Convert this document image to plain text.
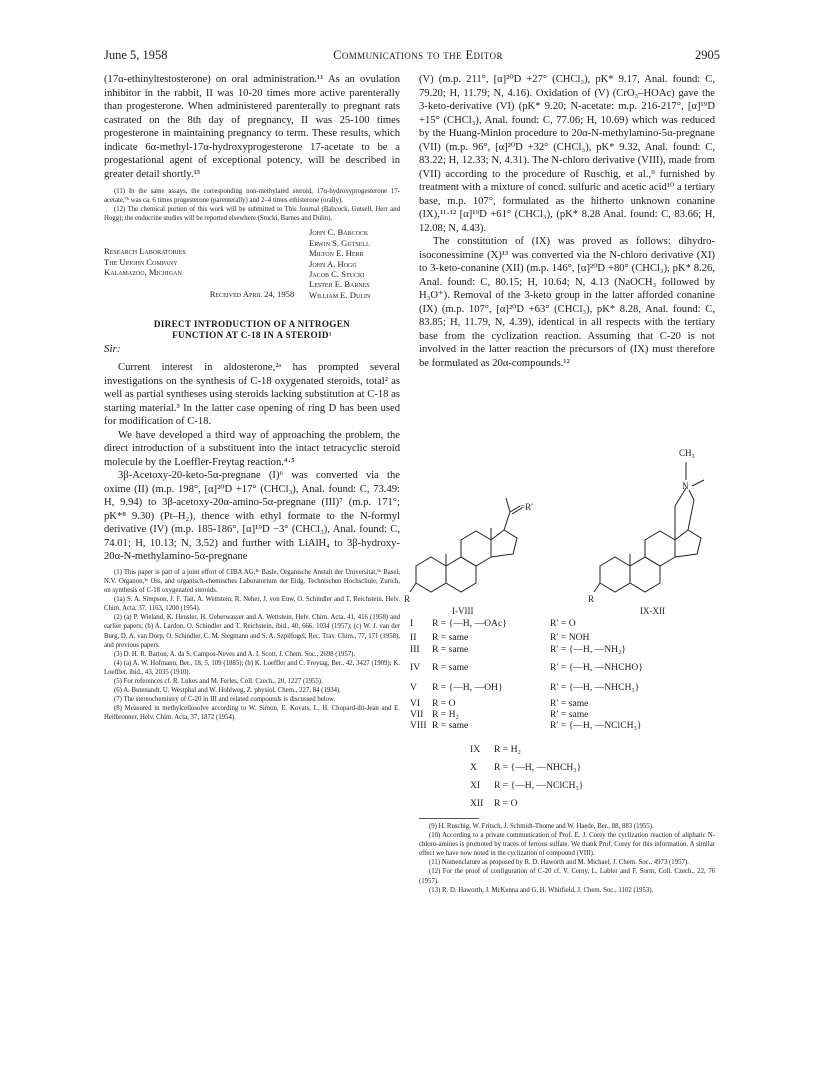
June 5, 1958	Communications to the Editor	2905

(17α-ethinyltestosterone) on oral administration.¹¹ As an ovulation inhibitor in the rabbit, II was 10-20 times more active parenterally than progesterone. When administered parenterally to pregnant rats castrated on the 8th day of pregnancy, II was 25-100 times progesterone in maintaining pregnancy to term. These results, which indicate 6α-methyl-17α-hydroxyprogesterone 17-acetate to be a progestational agent of exceptional potency, will be described in greater detail shortly.¹³

(11) In the same assays, the corresponding non-methylated steroid, 17α-hydroxyprogesterone 17-acetate,⁷ᵇ was ca. 6 times progesterone (parenterally) and 2–4 times ethisterone (orally).

(12) The chemical portion of this work will be submitted to This Journal (Babcock, Gutsell, Herr and Hogg); the endocrine studies will be reported elsewhere (Stucki, Barnes and Dulin).

John C. Babcock
Erwin S. Gutsell
Milton E. Herr
John A. Hogg
Jacob C. Stucki
Lester E. Barnes
William E. Dulin
Research Laboratories
The Upjohn Company
Kalamazoo, Michigan

Received April 24, 1958

DIRECT INTRODUCTION OF A NITROGEN
FUNCTION AT C-18 IN A STEROID¹

Sir:

Current interest in aldosterone,²ᵃ has prompted several investigations on the synthesis of C-18 oxygenated steroids, total² as well as partial syntheses using steroids lacking substitution at C-18 as starting material.³ In the latter case opening of ring D has been used for modification of C-18.

We have developed a third way of approaching the problem, the direct introduction of a substituent into the intact tetracyclic steroid molecule by the Loeffler-Freytag reaction.⁴·⁵

3β-Acetoxy-20-keto-5α-pregnane (I)⁶ was converted via the oxime (II) (m.p. 198°, [α]²⁰D +17° (CHCl₃), Anal. found: C, 73.49: H, 9.94) to 3β-acetoxy-20α-amino-5α-pregnane (III)⁷ (m.p. 171°; pK*⁸ 9.30) (Pt–H₂), thence with ethyl formate to the N-formyl derivative (IV) (m.p. 185-186°, [α]¹⁹D −3° (CHCl₃), Anal. found: C, 74.01; H, 10.13; N, 3.52) and further with LiAlH₄ to 3β-hydroxy-20α-N-methylamino-5α-pregnane

(1) This paper is part of a joint effort of CIBA AG,¹ᵇ Basle, Organische Anstalt der Universitat,¹ᵇ Basel, N.V. Organon,¹ᵉ Oss, and organisch-chemisches Laboratorium der Eidg. Technischen Hochschule, Zurich, on synthesis of C-18 oxygenated steroids.

(1a) S. A. Simpson, J. F. Tait, A. Wettstein, R. Neher, J. von Euw, O. Schindler and T. Reichstein, Helv. Chim. Acta, 37, 1163, 1200 (1954).

(2) (a) P. Wieland, K. Heusler, H. Ueberwasser and A. Wettstein, Helv. Chim. Acta, 41, 416 (1958) and earlier papers; (b) A. Lardon, O. Schindler and T. Reichstein, ibid., 40, 666, 1034 (1957); (c) W. J. van der Burg, D. A. van Dorp, O. Schindler, C. M. Siegmann and S. A. Szpilfogel, Rec. Trav. Chim., 77, 171 (1958), and previous papers.

(3) D. H. R. Barton, A. da S. Campos-Neves and A. I. Scott, J. Chem. Soc., 2698 (1957).

(4) (a) A. W. Hofmann, Ber., 18, 5, 109 (1885); (b) K. Loeffler and C. Freytag, Ber., 42, 3427 (1909); K. Loeffler, ibid., 43, 2035 (1910).

(5) For references cf. R. Lukes and M. Ferles, Coll. Czech., 20, 1227 (1955).

(6) A. Butenandt, U. Westphal and W. Hohlweg, Z. physiol. Chem., 227, 84 (1934).

(7) The stereochemistry of C-20 in III and related compounds is discussed below.

(8) Measured in methylcellosolve according to W. Simon, E. Kovats, L. H. Chopard-dit-Jean and E. Heilbronner, Helv. Chim. Acta, 37, 1872 (1954).

(V) (m.p. 211°, [α]²⁰D +27° (CHCl₃), pK* 9.17, Anal. found: C, 79.20; H, 11.79; N, 4.16). Oxidation of (V) (CrO₃–HOAc) gave the 3-keto-derivative (VI) (pK* 9.20; N-acetate: m.p. 216-217°, [α]¹⁹D +15° (CHCl₃), Anal. found: C, 77.06; H, 10.69) which was reduced by the Huang-Minlon procedure to 20α-N-methylamino-5α-pregnane (VII) (m.p. 96°, [α]²⁰D +32° (CHCl₃), pK* 9.32, Anal. found: C, 83.22; H, 12.33; N, 4.31). The N-chloro derivative (VIII), made from (VII) according to the procedure of Ruschig, et al.,⁹ furnished by treatment with a mixture of concd. sulfuric and acetic acid¹⁰ a tertiary base, m.p. 107°, formulated as the hitherto unknown conanine (IX),¹¹·¹² [α]¹⁹D +61° (CHCl₃), (pK* 8.28 Anal. found: C, 83.66; H, 12.08; N, 4.43).

The constitution of (IX) was proved as follows: dihydro-isoconessimine (X)¹³ was converted via the N-chloro derivative (XI) to 3-keto-conanine (XII) (m.p. 146°, [α]²⁰D +80° (CHCl₃), pK* 8.26, Anal. found: C, 80.15; H, 10.64; N, 4.13 (NaOCH₃ followed by H₃O⁺). Removal of the 3-keto group in the latter afforded conanine (IX) (m.p. 107°, [α]²⁰D +63° (CHCl₃), pK* 8.28, Anal. found: C, 83.85; H, 11.79, N, 4.39), identical in all respects with the tertiary base from the cyclization reaction. Assuming that C-20 is not involved in the latter reaction the precursors of (IX) must therefore be formulated as 20α-compounds.¹²

CH₃
N
=R′
R	R
I-VIII	IX-XII
I R = {—H, —OAc}	R′ = O
II R = same	R′ = NOH
III R = same	R′ = {—H, —NH₂}
IV R = same	R′ = {—H, —NHCHO}
V R = {—H, —OH}	R′ = {—H, —NHCH₃}
VI R = O	R′ = same
VII R = H₂	R′ = same
VIII R = same	R′ = {—H, —NClCH₃}
IX R = H₂
X R = {—H, —NHCH₃}
XI R = {—H, —NClCH₃}
XII R = O

(9) H. Ruschig, W. Fritsch, J. Schmidt-Thome and W. Haede, Ber., 88, 883 (1955).

(10) According to a private communication of Prof. E. J. Corey the cyclization reaction of aliphatic N-chloro-amines is promoted by traces of ferrous sulfate. We thank Prof. Corey for this information. A similar effect we have now noted in the cyclization of compound (VIII).

(11) Nomenclature as proposed by R. D. Haworth and M. Michael, J. Chem. Soc., 4973 (1957).

(12) For the proof of configuration of C-20 cf. V. Cerny, L. Labler and F. Sorm, Coll. Czech., 22, 76 (1957).

(13) R. D. Haworth, J. McKenna and G. H. Whitfield, J. Chem. Soc., 1102 (1953).
